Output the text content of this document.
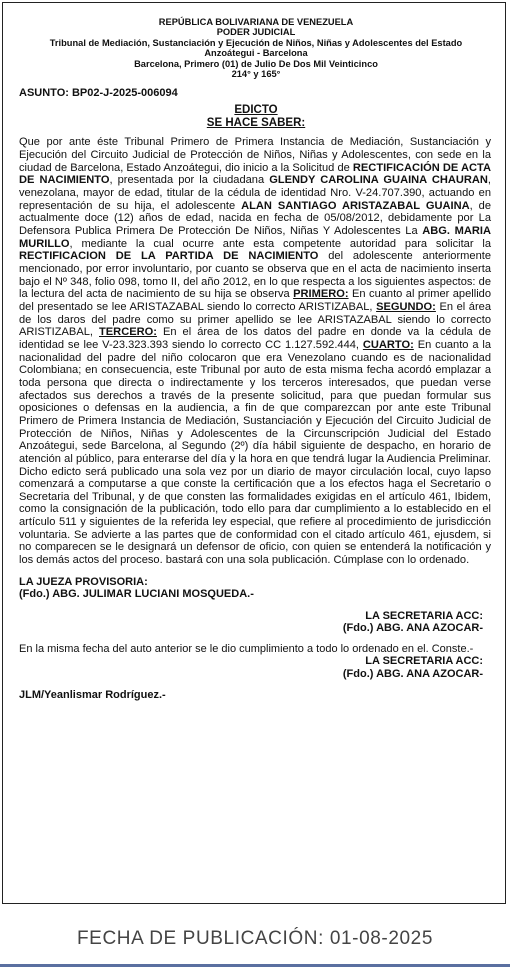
REPÚBLICA BOLIVARIANA DE VENEZUELA
PODER JUDICIAL
Tribunal de Mediación, Sustanciación y Ejecución de Niños, Niñas y Adolescentes del Estado
Anzoátegui - Barcelona
Barcelona, Primero (01) de Julio De Dos Mil Veinticinco
214° y 165°
ASUNTO: BP02-J-2025-006094
EDICTO
SE HACE SABER:
Que por ante éste Tribunal Primero de Primera Instancia de Mediación, Sustanciación y Ejecución del Circuito Judicial de Protección de Niños, Niñas y Adolescentes, con sede en la ciudad de Barcelona, Estado Anzoátegui, dio inicio a la Solicitud de RECTIFICACIÓN DE ACTA DE NACIMIENTO, presentada por la ciudadana GLENDY CAROLINA GUAINA CHAURAN, venezolana, mayor de edad, titular de la cédula de identidad Nro. V-24.707.390, actuando en representación de su hija, el adolescente ALAN SANTIAGO ARISTAZABAL GUAINA, de actualmente doce (12) años de edad, nacida en fecha de 05/08/2012, debidamente por La Defensora Publica Primera De Protección De Niños, Niñas Y Adolescentes La ABG. MARIA MURILLO, mediante la cual ocurre ante esta competente autoridad para solicitar la RECTIFICACION DE LA PARTIDA DE NACIMIENTO del adolescente anteriormente mencionado, por error involuntario, por cuanto se observa que en el acta de nacimiento inserta bajo el Nº 348, folio 098, tomo II, del año 2012, en lo que respecta a los siguientes aspectos: de la lectura del acta de nacimiento de su hija se observa PRIMERO: En cuanto al primer apellido del presentado se lee ARISTAZABAL siendo lo correcto ARISTIZABAL, SEGUNDO: En el área de los daros del padre como su primer apellido se lee ARISTAZABAL siendo lo correcto ARISTIZABAL, TERCERO: En el área de los datos del padre en donde va la cédula de identidad se lee V-23.323.393 siendo lo correcto CC 1.127.592.444, CUARTO: En cuanto a la nacionalidad del padre del niño colocaron que era Venezolano cuando es de nacionalidad Colombiana; en consecuencia, este Tribunal por auto de esta misma fecha acordó emplazar a toda persona que directa o indirectamente y los terceros interesados, que puedan verse afectados sus derechos a través de la presente solicitud, para que puedan formular sus oposiciones o defensas en la audiencia, a fin de que comparezcan por ante este Tribunal Primero de Primera Instancia de Mediación, Sustanciación y Ejecución del Circuito Judicial de Protección de Niños, Niñas y Adolescentes de la Circunscripción Judicial del Estado Anzoátegui, sede Barcelona, al Segundo (2º) día hábil siguiente de despacho, en horario de atención al público, para enterarse del día y la hora en que tendrá lugar la Audiencia Preliminar. Dicho edicto será publicado una sola vez por un diario de mayor circulación local, cuyo lapso comenzará a computarse a que conste la certificación que a los efectos haga el Secretario o Secretaria del Tribunal, y de que consten las formalidades exigidas en el artículo 461, Ibidem, como la consignación de la publicación, todo ello para dar cumplimiento a lo establecido en el artículo 511 y siguientes de la referida ley especial, que refiere al procedimiento de jurisdicción voluntaria. Se advierte a las partes que de conformidad con el citado artículo 461, ejusdem, si no comparecen se le designará un defensor de oficio, con quien se entenderá la notificación y los demás actos del proceso. bastará con una sola publicación. Cúmplase con lo ordenado.
LA JUEZA PROVISORIA:
(Fdo.) ABG. JULIMAR LUCIANI MOSQUEDA.-
LA SECRETARIA ACC:
(Fdo.) ABG. ANA AZOCAR-
En la misma fecha del auto anterior se le dio cumplimiento a todo lo ordenado en el. Conste.-
LA SECRETARIA ACC:
(Fdo.) ABG. ANA AZOCAR-
JLM/Yeanlismar Rodríguez.-
FECHA DE PUBLICACIÓN: 01-08-2025
